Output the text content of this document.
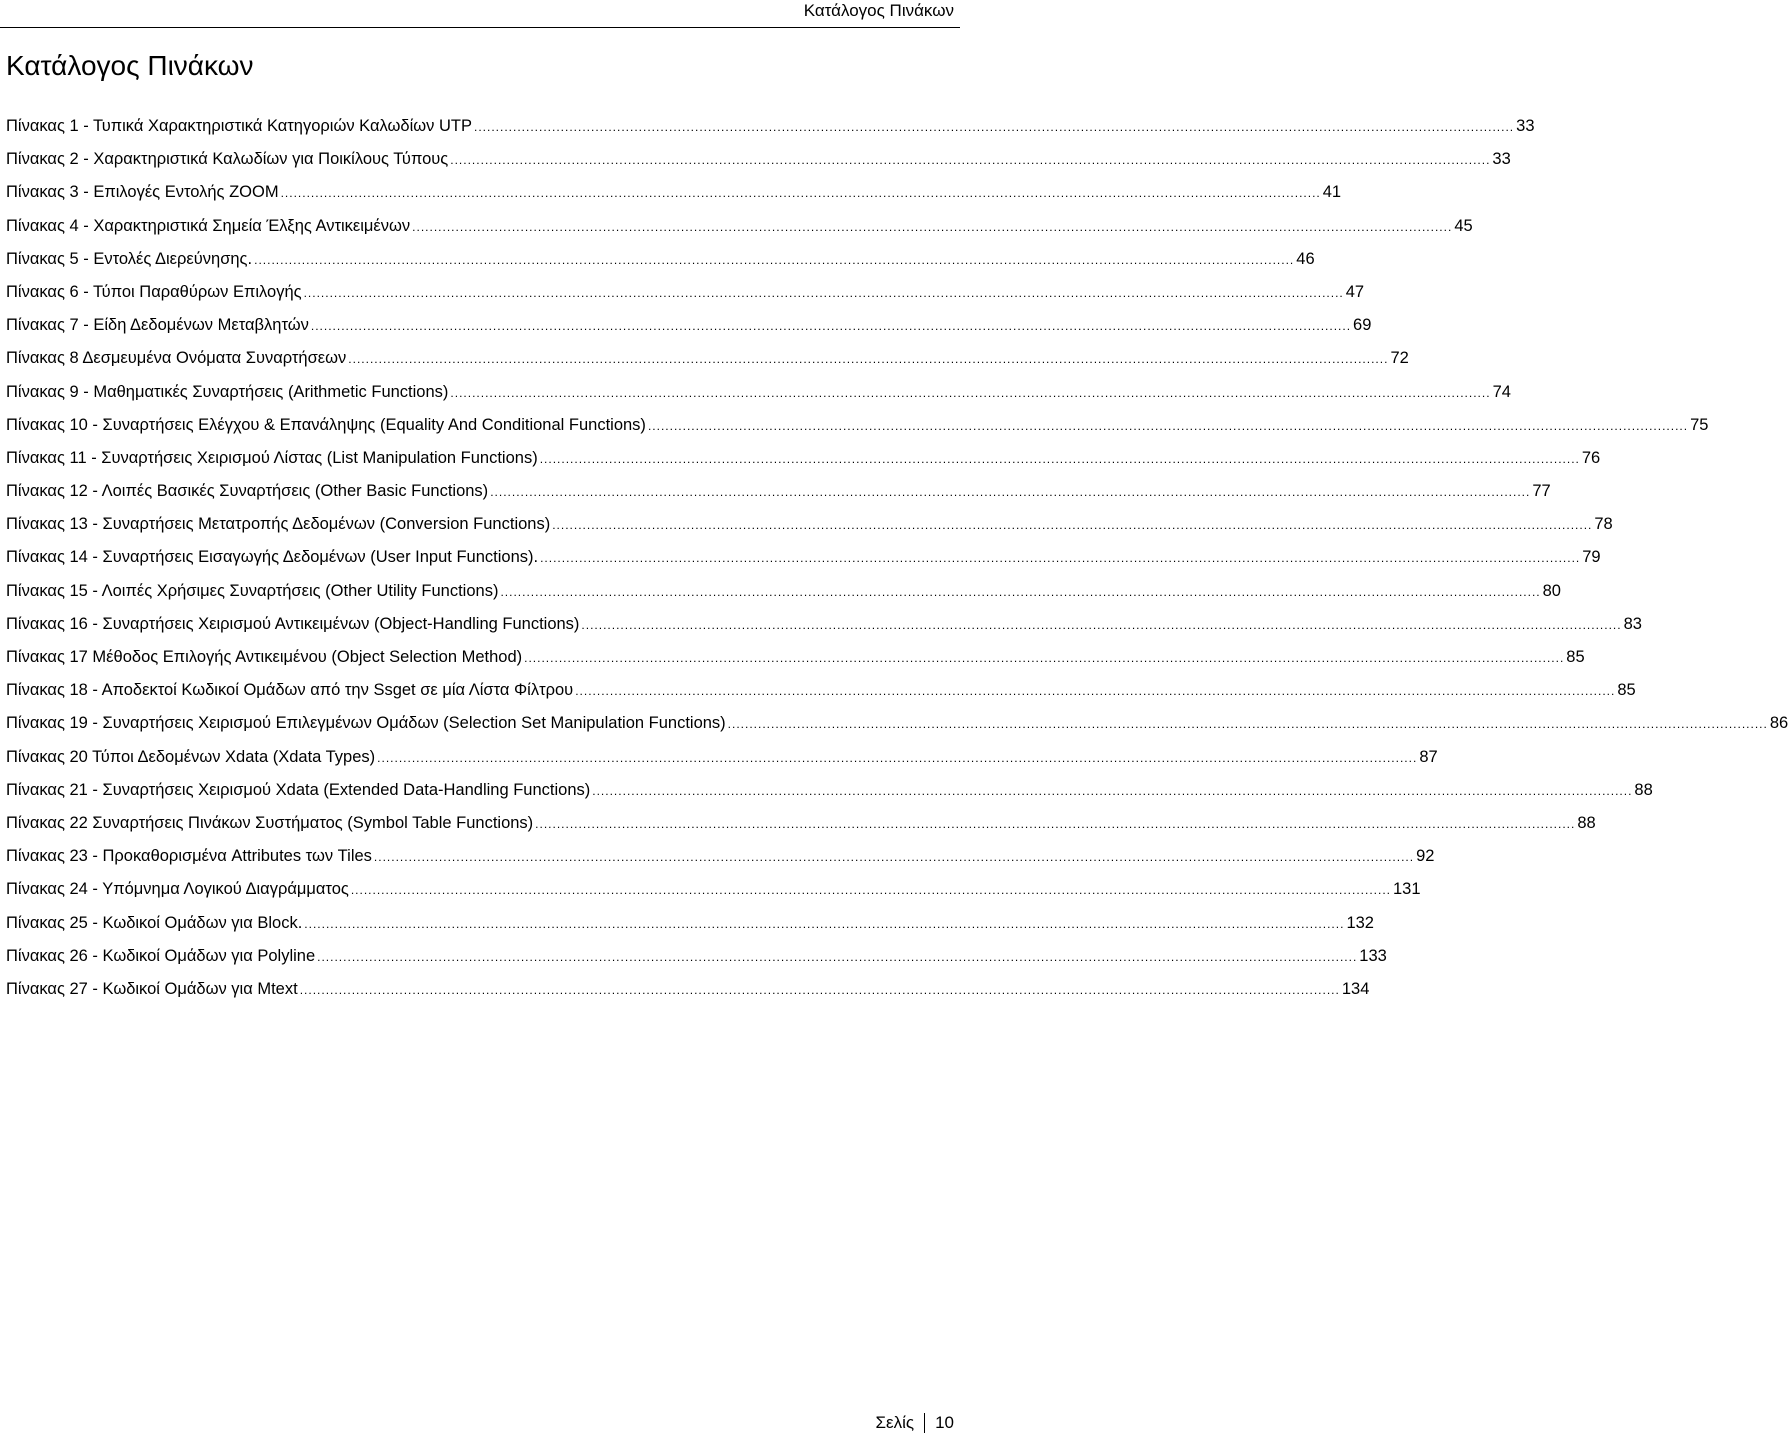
Κατάλογος Πινάκων
Κατάλογος Πινάκων
Πίνακας 1 - Τυπικά Χαρακτηριστικά Κατηγοριών Καλωδίων UTP .....	33
Πίνακας 2 - Χαρακτηριστικά Καλωδίων για Ποικίλους Τύπους .....	33
Πίνακας 3 - Επιλογές Εντολής ZOOM .....	41
Πίνακας 4 - Χαρακτηριστικά Σημεία Έλξης Αντικειμένων .....	45
Πίνακας 5 - Εντολές Διερεύνησης. .....	46
Πίνακας 6 - Τύποι Παραθύρων Επιλογής .....	47
Πίνακας 7 - Είδη Δεδομένων Μεταβλητών .....	69
Πίνακας 8 Δεσμευμένα Ονόματα Συναρτήσεων .....	72
Πίνακας 9 - Μαθηματικές Συναρτήσεις (Arithmetic Functions) .....	74
Πίνακας 10 - Συναρτήσεις Ελέγχου & Επανάληψης (Equality And Conditional Functions) .....	75
Πίνακας 11 - Συναρτήσεις Χειρισμού Λίστας (List Manipulation Functions) .....	76
Πίνακας 12 - Λοιπές Βασικές Συναρτήσεις (Other Basic Functions) .....	77
Πίνακας 13 - Συναρτήσεις Μετατροπής Δεδομένων (Conversion Functions) .....	78
Πίνακας 14 - Συναρτήσεις Εισαγωγής Δεδομένων (User Input Functions). .....	79
Πίνακας 15 - Λοιπές Χρήσιμες Συναρτήσεις (Other Utility Functions) .....	80
Πίνακας 16 - Συναρτήσεις Χειρισμού Αντικειμένων (Object-Handling Functions) .....	83
Πίνακας 17 Μέθοδος Επιλογής Αντικειμένου (Object Selection Method) .....	85
Πίνακας 18 - Αποδεκτοί Κωδικοί Ομάδων από την Ssget σε μία Λίστα Φίλτρου .....	85
Πίνακας 19 - Συναρτήσεις Χειρισμού Επιλεγμένων Ομάδων (Selection Set Manipulation Functions) .....	86
Πίνακας 20 Τύποι Δεδομένων Xdata (Xdata Types) .....	87
Πίνακας 21 - Συναρτήσεις Χειρισμού Xdata (Extended Data-Handling Functions) .....	88
Πίνακας 22 Συναρτήσεις Πινάκων Συστήματος (Symbol Table Functions) .....	88
Πίνακας 23 - Προκαθορισμένα Attributes των Tiles .....	92
Πίνακας 24 - Υπόμνημα Λογικού Διαγράμματος .....	131
Πίνακας 25 - Κωδικοί Ομάδων για Block. .....	132
Πίνακας 26 - Κωδικοί Ομάδων για Polyline .....	133
Πίνακας 27 - Κωδικοί Ομάδων για Mtext .....	134
Σελίς 10
